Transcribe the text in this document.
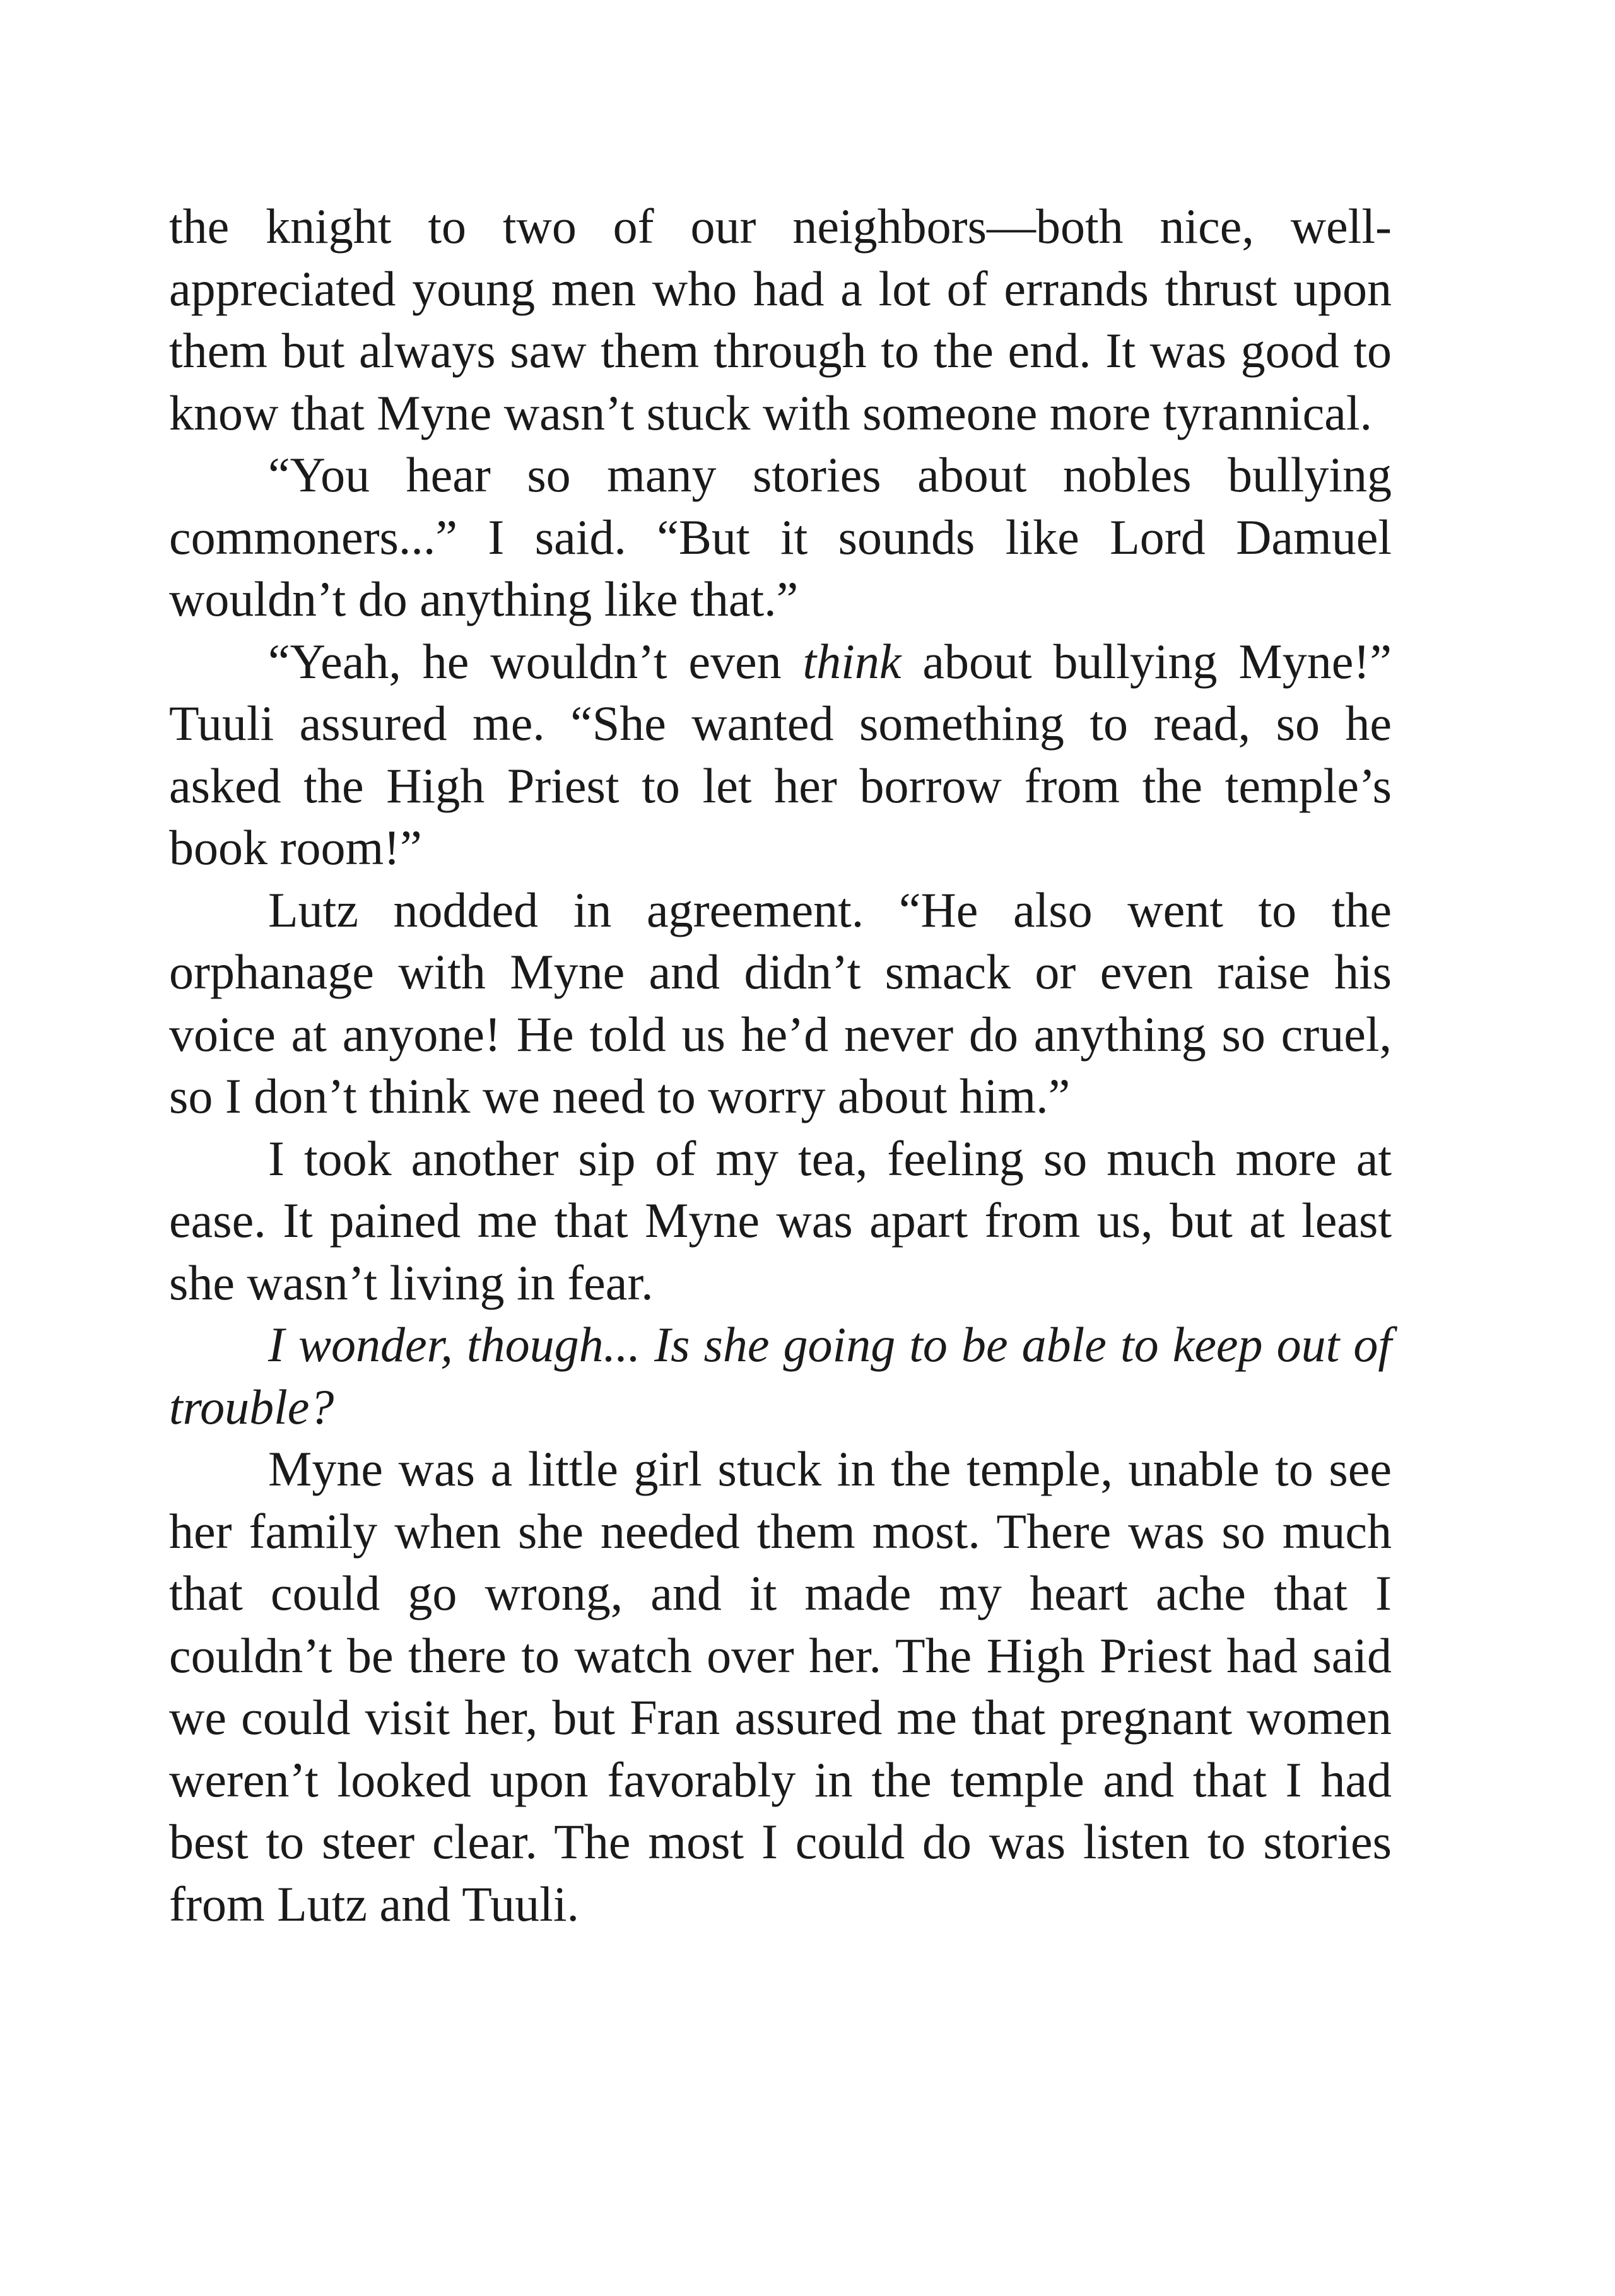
the knight to two of our neighbors—both nice, well-appreciated young men who had a lot of errands thrust upon them but always saw them through to the end. It was good to know that Myne wasn’t stuck with someone more tyrannical.

“You hear so many stories about nobles bullying commoners...” I said. “But it sounds like Lord Damuel wouldn’t do anything like that.”

“Yeah, he wouldn’t even think about bullying Myne!” Tuuli assured me. “She wanted something to read, so he asked the High Priest to let her borrow from the temple’s book room!”

Lutz nodded in agreement. “He also went to the orphanage with Myne and didn’t smack or even raise his voice at anyone! He told us he’d never do anything so cruel, so I don’t think we need to worry about him.”

I took another sip of my tea, feeling so much more at ease. It pained me that Myne was apart from us, but at least she wasn’t living in fear.

I wonder, though... Is she going to be able to keep out of trouble?

Myne was a little girl stuck in the temple, unable to see her family when she needed them most. There was so much that could go wrong, and it made my heart ache that I couldn’t be there to watch over her. The High Priest had said we could visit her, but Fran assured me that pregnant women weren’t looked upon favorably in the temple and that I had best to steer clear. The most I could do was listen to stories from Lutz and Tuuli.
